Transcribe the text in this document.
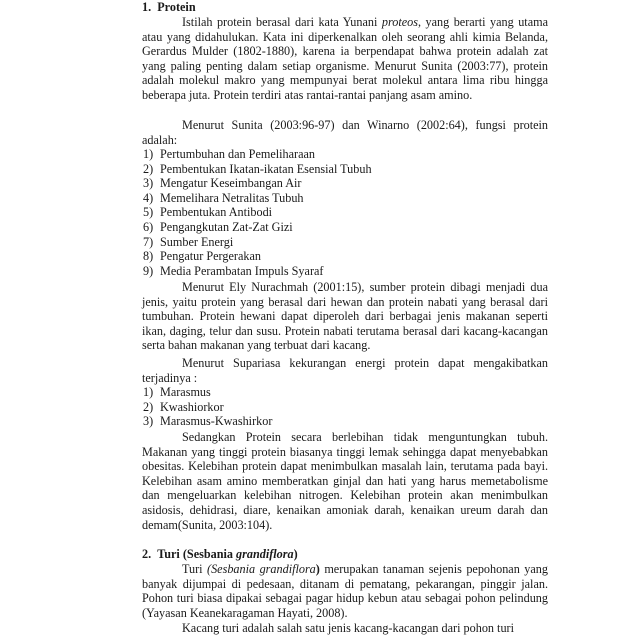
1. Protein
Istilah protein berasal dari kata Yunani proteos, yang berarti yang utama atau yang didahulukan. Kata ini diperkenalkan oleh seorang ahli kimia Belanda, Gerardus Mulder (1802-1880), karena ia berpendapat bahwa protein adalah zat yang paling penting dalam setiap organisme. Menurut Sunita (2003:77), protein adalah molekul makro yang mempunyai berat molekul antara lima ribu hingga beberapa juta. Protein terdiri atas rantai-rantai panjang asam amino.
Menurut Sunita (2003:96-97) dan Winarno (2002:64), fungsi protein adalah:
1) Pertumbuhan dan Pemeliharaan
2) Pembentukan Ikatan-ikatan Esensial Tubuh
3) Mengatur Keseimbangan Air
4) Memelihara Netralitas Tubuh
5) Pembentukan Antibodi
6) Pengangkutan Zat-Zat Gizi
7) Sumber Energi
8) Pengatur Pergerakan
9) Media Perambatan Impuls Syaraf
Menurut Ely Nurachmah (2001:15), sumber protein dibagi menjadi dua jenis, yaitu protein yang berasal dari hewan dan protein nabati yang berasal dari tumbuhan. Protein hewani dapat diperoleh dari berbagai jenis makanan seperti ikan, daging, telur dan susu. Protein nabati terutama berasal dari kacang-kacangan serta bahan makanan yang terbuat dari kacang.
Menurut Supariasa kekurangan energi protein dapat mengakibatkan terjadinya :
1) Marasmus
2) Kwashiorkor
3) Marasmus-Kwashirkor
Sedangkan Protein secara berlebihan tidak menguntungkan tubuh. Makanan yang tinggi protein biasanya tinggi lemak sehingga dapat menyebabkan obesitas. Kelebihan protein dapat menimbulkan masalah lain, terutama pada bayi. Kelebihan asam amino memberatkan ginjal dan hati yang harus memetabolisme dan mengeluarkan kelebihan nitrogen. Kelebihan protein akan menimbulkan asidosis, dehidrasi, diare, kenaikan amoniak darah, kenaikan ureum darah dan demam(Sunita, 2003:104).
2. Turi (Sesbania grandiflora)
Turi (Sesbania grandiflora) merupakan tanaman sejenis pepohonan yang banyak dijumpai di pedesaan, ditanam di pematang, pekarangan, pinggir jalan. Pohon turi biasa dipakai sebagai pagar hidup kebun atau sebagai pohon pelindung (Yayasan Keanekaragaman Hayati, 2008).
Kacang turi adalah salah satu jenis kacang-kacangan dari pohon turi
